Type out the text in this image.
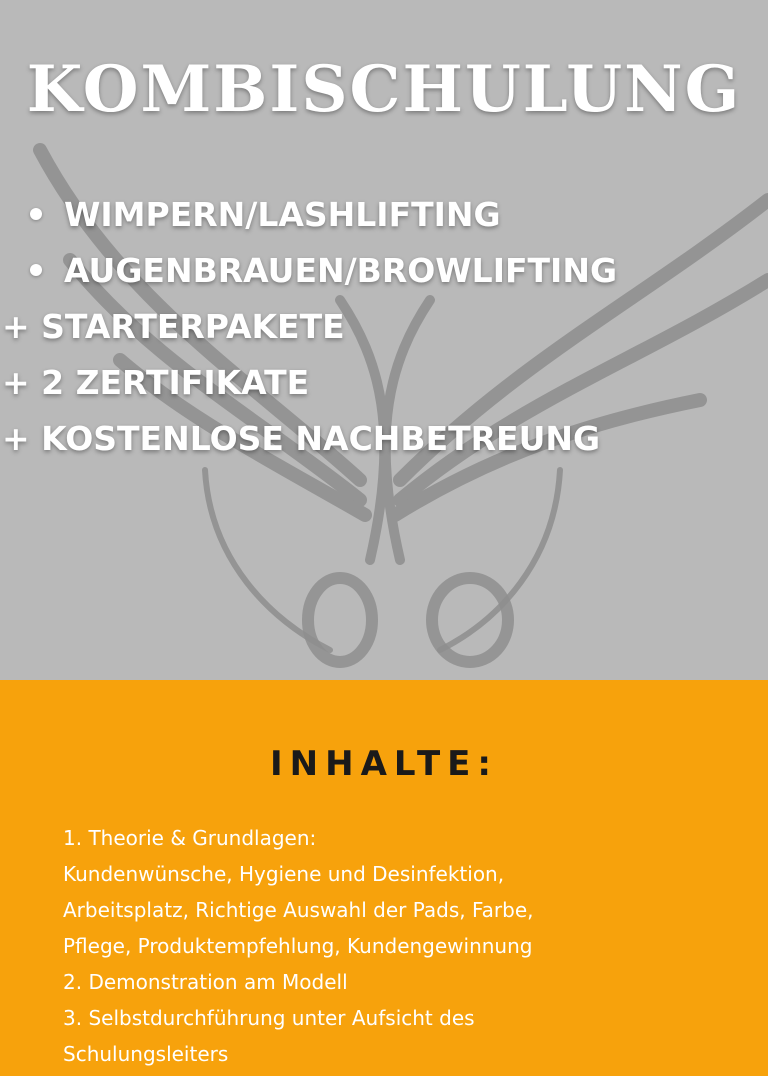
KOMBISCHULUNG
WIMPERN/LASHLIFTING
AUGENBRAUEN/BROWLIFTING
+ STARTERPAKETE
+ 2 ZERTIFIKATE
+ KOSTENLOSE NACHBETREUNG
INHALTE:
1. Theorie & Grundlagen:
Kundenwünsche, Hygiene und Desinfektion,
Arbeitsplatz, Richtige Auswahl der Pads, Farbe,
Pflege, Produktempfehlung, Kundengewinnung
2. Demonstration am Modell
3. Selbstdurchführung unter Aufsicht des
Schulungsleiters
